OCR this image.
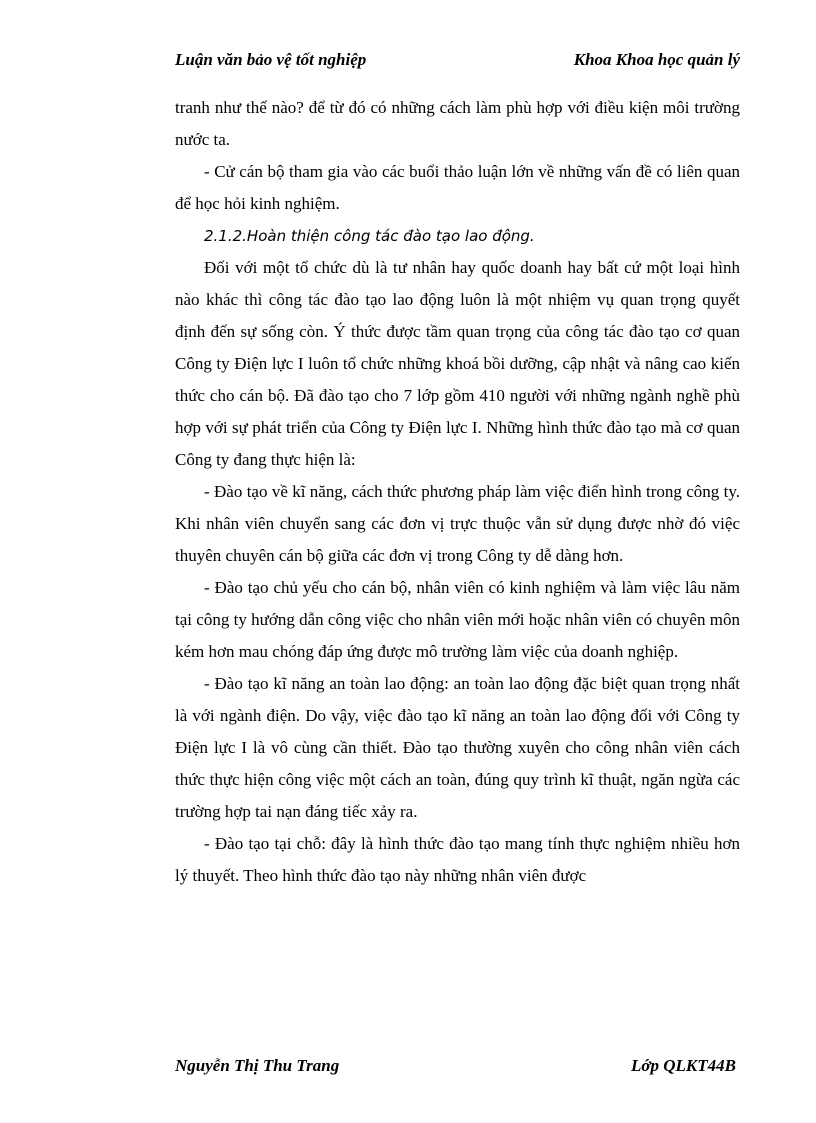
Luận văn bảo vệ tốt nghiệp	Khoa Khoa học quản lý

tranh như thế nào? để từ đó có những cách làm phù hợp với điều kiện môi trường nước ta.

- Cử cán bộ tham gia vào các buổi thảo luận lớn về những vấn đề có liên quan để học hỏi kinh nghiệm.

2.1.2.Hoàn thiện công tác đào tạo lao động.

Đối với một tổ chức dù là tư nhân hay quốc doanh hay bất cứ một loại hình nào khác thì công tác đào tạo lao động luôn là một nhiệm vụ quan trọng quyết định đến sự sống còn. Ý thức được tầm quan trọng của công tác đào tạo cơ quan Công ty Điện lực I luôn tổ chức những khoá bồi dưỡng, cập nhật và nâng cao kiến thức cho cán bộ. Đã đào tạo cho 7 lớp gồm 410 người với những ngành nghề phù hợp với sự phát triển của Công ty Điện lực I. Những hình thức đào tạo mà cơ quan Công ty đang thực hiện là:

- Đào tạo về kĩ năng, cách thức phương pháp làm việc điển hình trong công ty. Khi nhân viên chuyển sang các đơn vị trực thuộc vẫn sử dụng được nhờ đó việc thuyên chuyên cán bộ giữa các đơn vị trong Công ty dễ dàng hơn.

- Đào tạo chủ yếu cho cán bộ, nhân viên có kinh nghiệm và làm việc lâu năm tại công ty hướng dẫn công việc cho nhân viên mới hoặc nhân viên có chuyên môn kém hơn mau chóng đáp ứng được mô trường làm việc của doanh nghiệp.

- Đào tạo kĩ năng an toàn lao động: an toàn lao động đặc biệt quan trọng nhất là với ngành điện. Do vậy, việc đào tạo kĩ năng an toàn lao động đối với Công ty Điện lực I là vô cùng cần thiết. Đào tạo thường xuyên cho công nhân viên cách thức thực hiện công việc một cách an toàn, đúng quy trình kĩ thuật, ngăn ngừa các trường hợp tai nạn đáng tiếc xảy ra.

- Đào tạo tại chỗ: đây là hình thức đào tạo mang tính thực nghiệm nhiều hơn lý thuyết. Theo hình thức đào tạo này những nhân viên được

Nguyễn Thị Thu Trang	Lớp QLKT44B
